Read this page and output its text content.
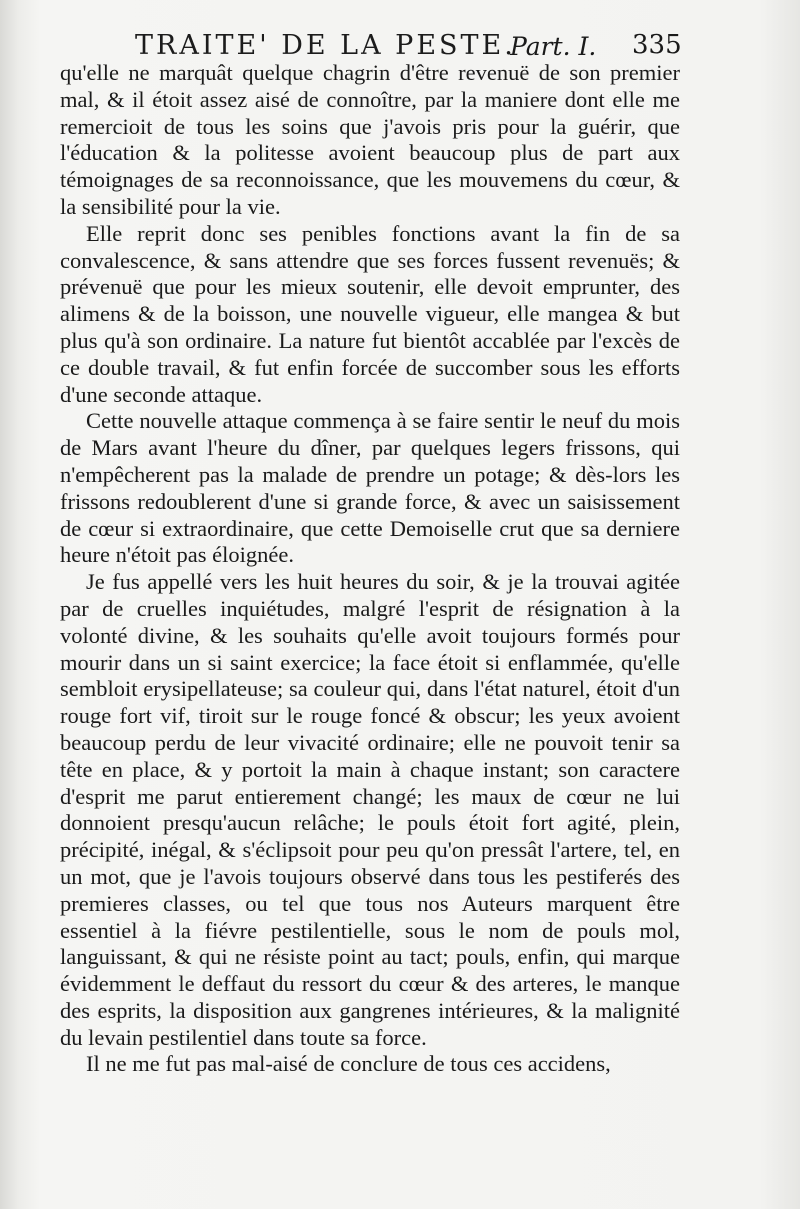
TRAITE' DE LA PESTE.
Part. I. 335

qu'elle ne marquât quelque chagrin d'être revenuë de son premier mal, & il étoit assez aisé de connoître, par la maniere dont elle me remercioit de tous les soins que j'avois pris pour la guérir, que l'éducation & la politesse avoient beaucoup plus de part aux témoignages de sa reconnoissance, que les mouvemens du cœur, & la sensibilité pour la vie.

Elle reprit donc ses penibles fonctions avant la fin de sa convalescence, & sans attendre que ses forces fussent revenuës; & prévenuë que pour les mieux soutenir, elle devoit emprunter, des alimens & de la boisson, une nouvelle vigueur, elle mangea & but plus qu'à son ordinaire. La nature fut bientôt accablée par l'excès de ce double travail, & fut enfin forcée de succomber sous les efforts d'une seconde attaque.

Cette nouvelle attaque commença à se faire sentir le neuf du mois de Mars avant l'heure du dîner, par quelques legers frissons, qui n'empêcherent pas la malade de prendre un potage; & dès-lors les frissons redoublerent d'une si grande force, & avec un saisissement de cœur si extraordinaire, que cette Demoiselle crut que sa derniere heure n'étoit pas éloignée.

Je fus appellé vers les huit heures du soir, & je la trouvai agitée par de cruelles inquiétudes, malgré l'esprit de résignation à la volonté divine, & les souhaits qu'elle avoit toujours formés pour mourir dans un si saint exercice; la face étoit si enflammée, qu'elle sembloit erysipellateuse; sa couleur qui, dans l'état naturel, étoit d'un rouge fort vif, tiroit sur le rouge foncé & obscur; les yeux avoient beaucoup perdu de leur vivacité ordinaire; elle ne pouvoit tenir sa tête en place, & y portoit la main à chaque instant; son caractere d'esprit me parut entierement changé; les maux de cœur ne lui donnoient presqu'aucun relâche; le pouls étoit fort agité, plein, précipité, inégal, & s'éclipsoit pour peu qu'on pressât l'artere, tel, en un mot, que je l'avois toujours observé dans tous les pestiferés des premieres classes, ou tel que tous nos Auteurs marquent être essentiel à la fiévre pestilentielle, sous le nom de pouls mol, languissant, & qui ne résiste point au tact; pouls, enfin, qui marque évidemment le deffaut du ressort du cœur & des arteres, le manque des esprits, la disposition aux gangrenes intérieures, & la malignité du levain pestilentiel dans toute sa force.

Il ne me fut pas mal-aisé de conclure de tous ces accidens,
